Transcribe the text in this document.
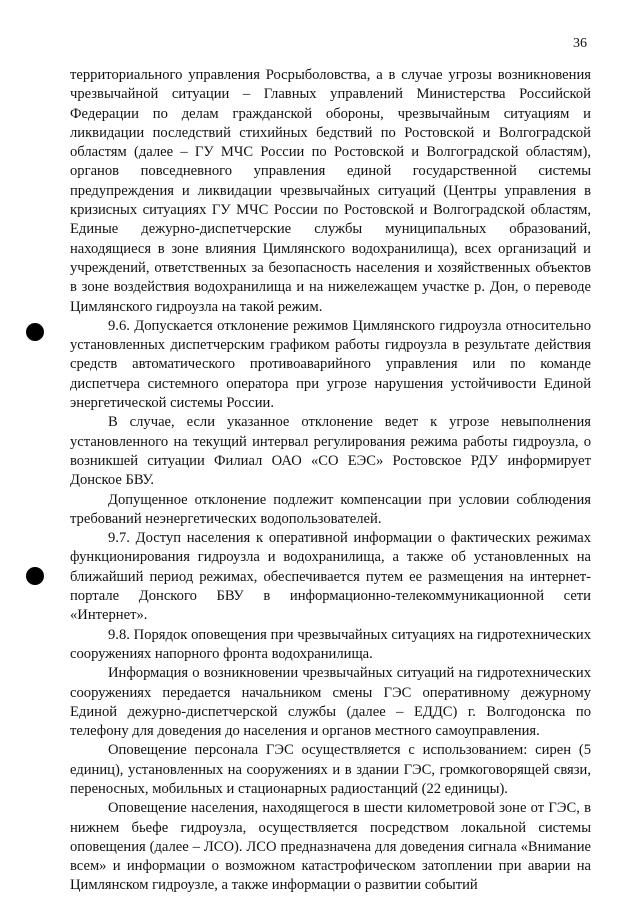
36

территориального управления Росрыболовства, а в случае угрозы возникновения чрезвычайной ситуации – Главных управлений Министерства Российской Федерации по делам гражданской обороны, чрезвычайным ситуациям и ликвидации последствий стихийных бедствий по Ростовской и Волгоградской областям (далее – ГУ МЧС России по Ростовской и Волгоградской областям), органов повседневного управления единой государственной системы предупреждения и ликвидации чрезвычайных ситуаций (Центры управления в кризисных ситуациях ГУ МЧС России по Ростовской и Волгоградской областям, Единые дежурно-диспетчерские службы муниципальных образований, находящиеся в зоне влияния Цимлянского водохранилища), всех организаций и учреждений, ответственных за безопасность населения и хозяйственных объектов в зоне воздействия водохранилища и на нижележащем участке р. Дон, о переводе Цимлянского гидроузла на такой режим.

9.6. Допускается отклонение режимов Цимлянского гидроузла относительно установленных диспетчерским графиком работы гидроузла в результате действия средств автоматического противоаварийного управления или по команде диспетчера системного оператора при угрозе нарушения устойчивости Единой энергетической системы России.

В случае, если указанное отклонение ведет к угрозе невыполнения установленного на текущий интервал регулирования режима работы гидроузла, о возникшей ситуации Филиал ОАО «СО ЕЭС» Ростовское РДУ информирует Донское БВУ.

Допущенное отклонение подлежит компенсации при условии соблюдения требований неэнергетических водопользователей.

9.7. Доступ населения к оперативной информации о фактических режимах функционирования гидроузла и водохранилища, а также об установленных на ближайший период режимах, обеспечивается путем ее размещения на интернет-портале Донского БВУ в информационно-телекоммуникационной сети «Интернет».

9.8. Порядок оповещения при чрезвычайных ситуациях на гидротехнических сооружениях напорного фронта водохранилища.

Информация о возникновении чрезвычайных ситуаций на гидротехнических сооружениях передается начальником смены ГЭС оперативному дежурному Единой дежурно-диспетчерской службы (далее – ЕДДС) г. Волгодонска по телефону для доведения до населения и органов местного самоуправления.

Оповещение персонала ГЭС осуществляется с использованием: сирен (5 единиц), установленных на сооружениях и в здании ГЭС, громкоговорящей связи, переносных, мобильных и стационарных радиостанций (22 единицы).

Оповещение населения, находящегося в шести километровой зоне от ГЭС, в нижнем бьефе гидроузла, осуществляется посредством локальной системы оповещения (далее – ЛСО). ЛСО предназначена для доведения сигнала «Внимание всем» и информации о возможном катастрофическом затоплении при аварии на Цимлянском гидроузле, а также информации о развитии событий
